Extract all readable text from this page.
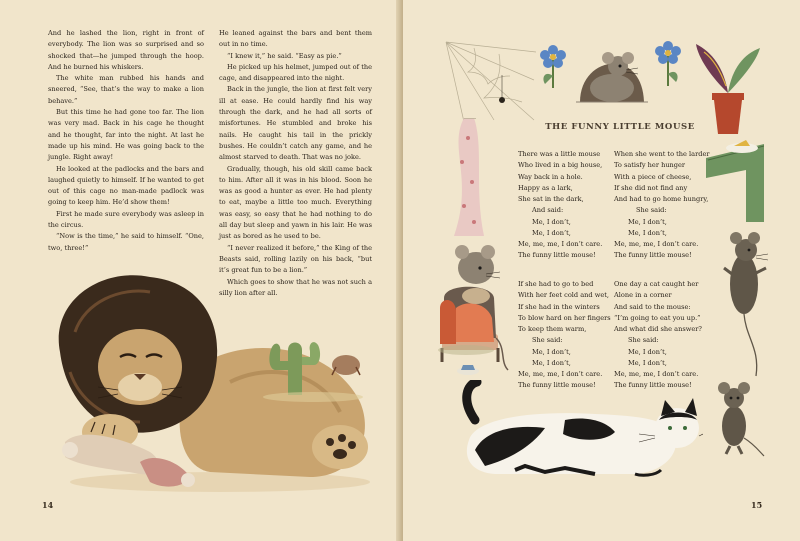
And he lashed the lion, right in front of everybody. The lion was so surprised and so shocked that—he jumped through the hoop. And he burned his whiskers.

The white man rubbed his hands and sneered, “See, that’s the way to make a lion behave.”

But this time he had gone too far. The lion was very mad. Back in his cage he thought and he thought, far into the night. At last he made up his mind. He was going back to the jungle. Right away!

He looked at the padlocks and the bars and laughed quietly to himself. If he wanted to get out of this cage no man-made padlock was going to keep him. He’d show them!

First he made sure everybody was asleep in the circus.

“Now is the time,” he said to himself. “One, two, three!”

He leaned against the bars and bent them out in no time.

“I knew it,” he said. “Easy as pie.”

He picked up his helmet, jumped out of the cage, and disappeared into the night.

Back in the jungle, the lion at first felt very ill at ease. He could hardly find his way through the dark, and he had all sorts of misfortunes. He stumbled and broke his nails. He caught his tail in the prickly bushes. He couldn’t catch any game, and he almost starved to death. That was no joke.

Gradually, though, his old skill came back to him. After all it was in his blood. Soon he was as good a hunter as ever. He had plenty to eat, maybe a little too much. Everything was easy, so easy that he had nothing to do all day but sleep and yawn in his lair. He was just as bored as he used to be.

“I never realized it before,” the King of the Beasts said, rolling lazily on his back, “but it’s great fun to be a lion.”

Which goes to show that he was not such a silly lion after all.

14
THE FUNNY LITTLE MOUSE
There was a little mouse
Who lived in a big house,
Way back in a hole.
Happy as a lark,
She sat in the dark,
And said:
Me, I don’t,
Me, I don’t,
Me, me, me, I don’t care.
The funny little mouse!
When she went to the larder
To satisfy her hunger
With a piece of cheese,
If she did not find any
And had to go home hungry,
She said:
Me, I don’t,
Me, I don’t,
Me, me, me, I don’t care.
The funny little mouse!
If she had to go to bed
With her feet cold and wet,
If she had in the winters
To blow hard on her fingers
To keep them warm,
She said:
Me, I don’t,
Me, I don’t,
Me, me, me, I don’t care.
The funny little mouse!
One day a cat caught her
Alone in a corner
And said to the mouse:
“I’m going to eat you up.”
And what did she answer?
She said:
Me, I don’t,
Me, I don’t,
Me, me, me, I don’t care.
The funny little mouse!
15
